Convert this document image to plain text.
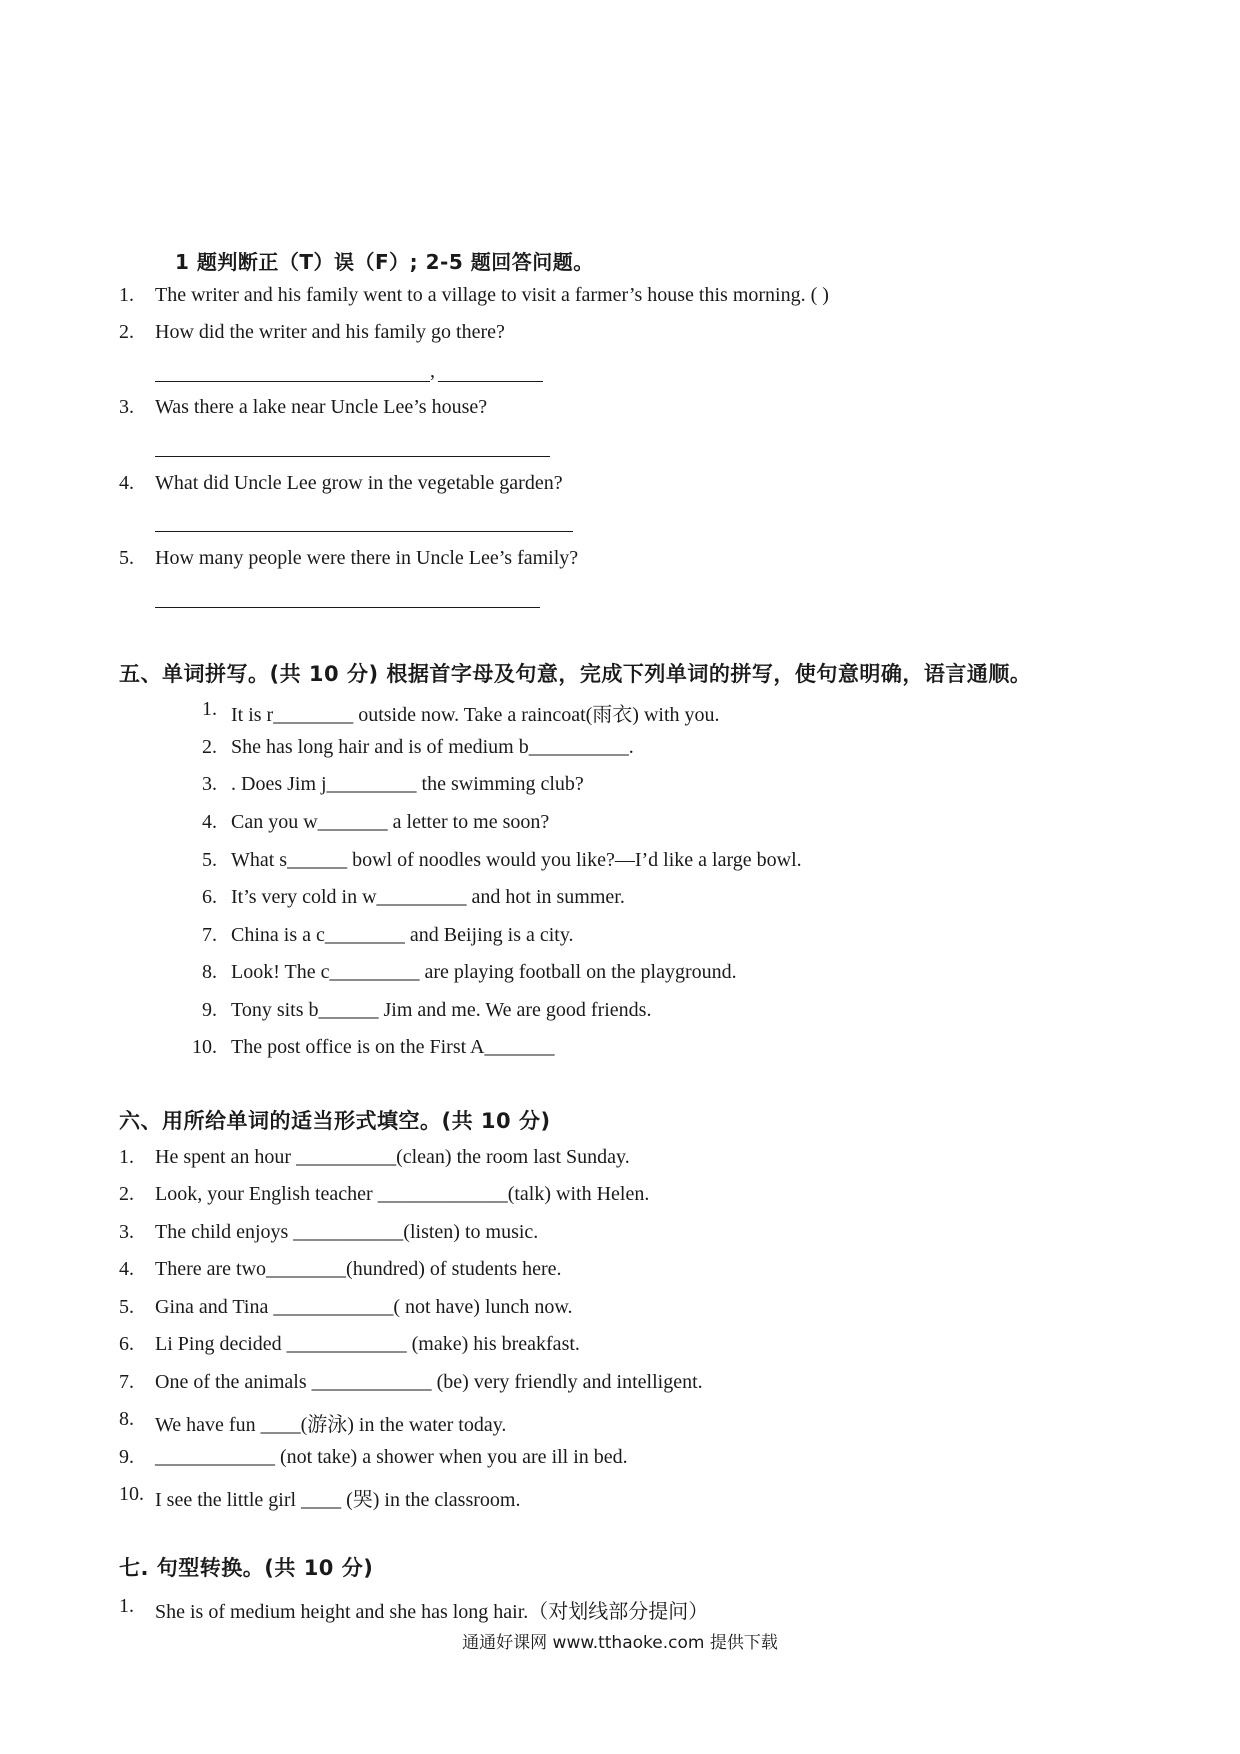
1 题判断正（T）误（F）; 2-5 题回答问题。
1. The writer and his family went to a village to visit a farmer’s house this morning. ( )
2. How did the writer and his family go there?
,
3. Was there a lake near Uncle Lee’s house?
4. What did Uncle Lee grow in the vegetable garden?
5. How many people were there in Uncle Lee’s family?
五、单词拼写。(共 10 分) 根据首字母及句意，完成下列单词的拼写，使句意明确，语言通顺。
1. It is r________ outside now. Take a raincoat(雨衣) with you.
2. She has long hair and is of medium b__________.
3. . Does Jim j_________ the swimming club?
4. Can you w_______ a letter to me soon?
5. What s______ bowl of noodles would you like?—I’d like a large bowl.
6. It’s very cold in w_________ and hot in summer.
7. China is a c________ and Beijing is a city.
8. Look! The c_________ are playing football on the playground.
9. Tony sits b______ Jim and me. We are good friends.
10. The post office is on the First A_______
六、用所给单词的适当形式填空。(共 10 分)
1. He spent an hour __________(clean) the room last Sunday.
2. Look, your English teacher _____________(talk) with Helen.
3. The child enjoys ___________(listen) to music.
4. There are two________(hundred) of students here.
5. Gina and Tina ____________( not have) lunch now.
6. Li Ping decided ____________ (make) his breakfast.
7. One of the animals ____________ (be) very friendly and intelligent.
8. We have fun ____(游泳) in the water today.
9. ____________ (not take) a shower when you are ill in bed.
10. I see the little girl ____ (哭) in the classroom.
七. 句型转换。(共 10 分)
1. She is of medium height and she has long hair.（对划线部分提问）
通通好课网 www.tthaoke.com 提供下载
